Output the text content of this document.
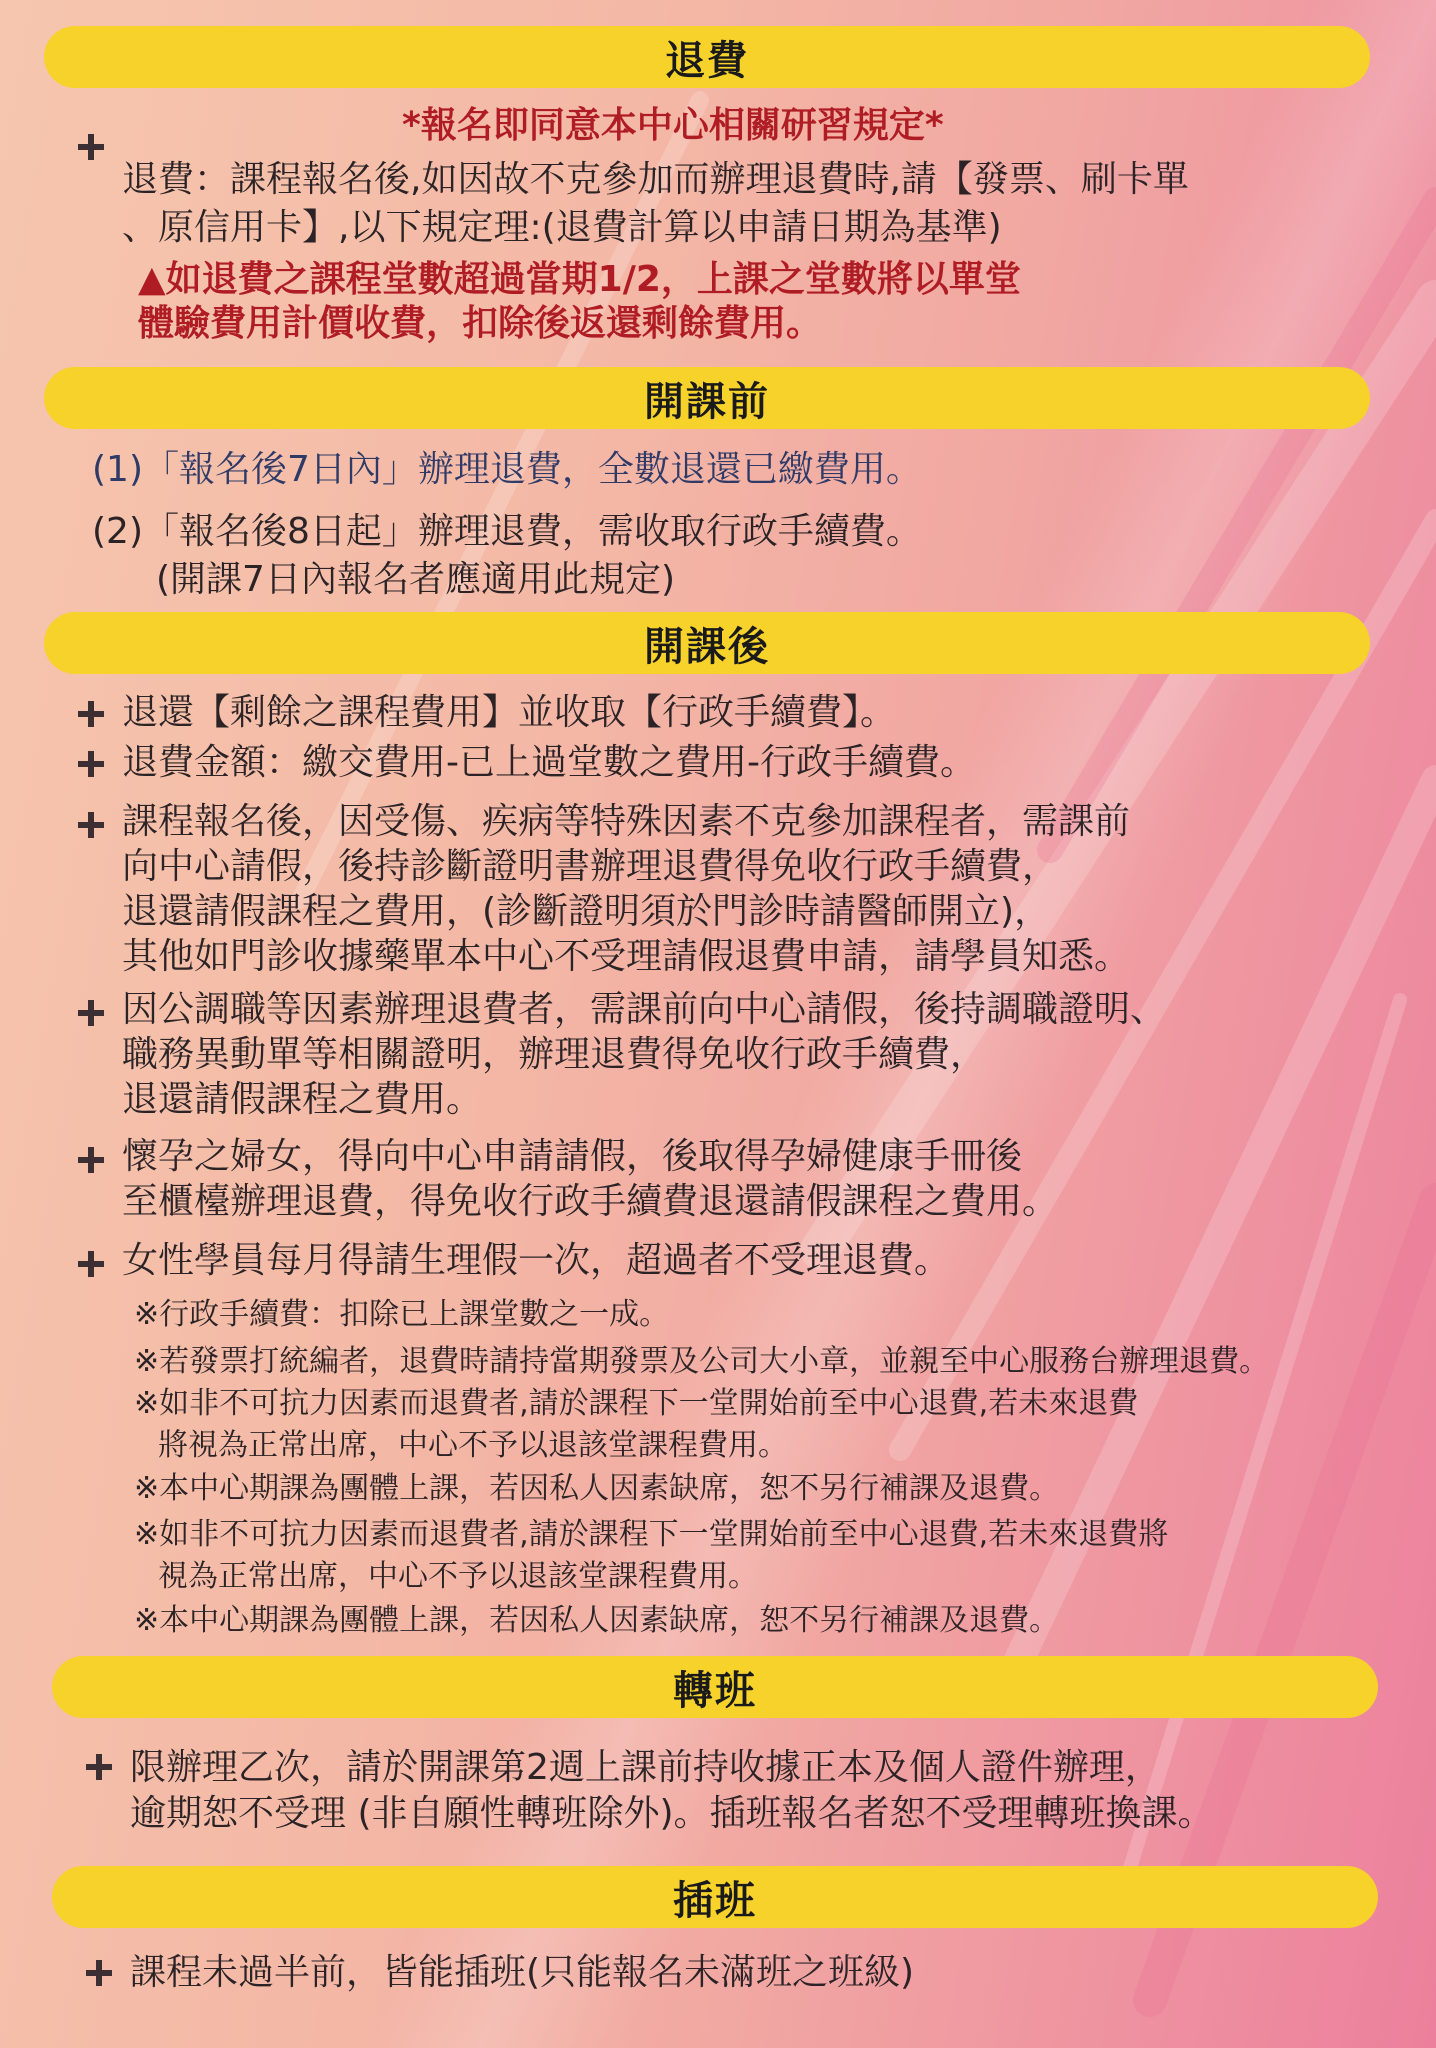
退費
*報名即同意本中心相關研習規定*
退費：課程報名後,如因故不克參加而辦理退費時,請【發票、刷卡單
、原信用卡】,以下規定理:(退費計算以申請日期為基準)
▲如退費之課程堂數超過當期1/2，上課之堂數將以單堂
體驗費用計價收費，扣除後返還剩餘費用。
開課前
(1)「報名後7日內」辦理退費，全數退還已繳費用。
(2)「報名後8日起」辦理退費，需收取行政手續費。
(開課7日內報名者應適用此規定)
開課後
退還【剩餘之課程費用】並收取【行政手續費】。
退費金額：繳交費用-已上過堂數之費用-行政手續費。
課程報名後，因受傷、疾病等特殊因素不克參加課程者，需課前
向中心請假，後持診斷證明書辦理退費得免收行政手續費，
退還請假課程之費用，(診斷證明須於門診時請醫師開立)，
其他如門診收據藥單本中心不受理請假退費申請，請學員知悉。
因公調職等因素辦理退費者，需課前向中心請假，後持調職證明、
職務異動單等相關證明，辦理退費得免收行政手續費，
退還請假課程之費用。
懷孕之婦女，得向中心申請請假，後取得孕婦健康手冊後
至櫃檯辦理退費，得免收行政手續費退還請假課程之費用。
女性學員每月得請生理假一次，超過者不受理退費。
※行政手續費：扣除已上課堂數之一成。
※若發票打統編者，退費時請持當期發票及公司大小章，並親至中心服務台辦理退費。
※如非不可抗力因素而退費者,請於課程下一堂開始前至中心退費,若未來退費
將視為正常出席，中心不予以退該堂課程費用。
※本中心期課為團體上課，若因私人因素缺席，恕不另行補課及退費。
※如非不可抗力因素而退費者,請於課程下一堂開始前至中心退費,若未來退費將
視為正常出席，中心不予以退該堂課程費用。
※本中心期課為團體上課，若因私人因素缺席，恕不另行補課及退費。
轉班
限辦理乙次，請於開課第2週上課前持收據正本及個人證件辦理，
逾期恕不受理 (非自願性轉班除外)。插班報名者恕不受理轉班換課。
插班
課程未過半前，皆能插班(只能報名未滿班之班級)
